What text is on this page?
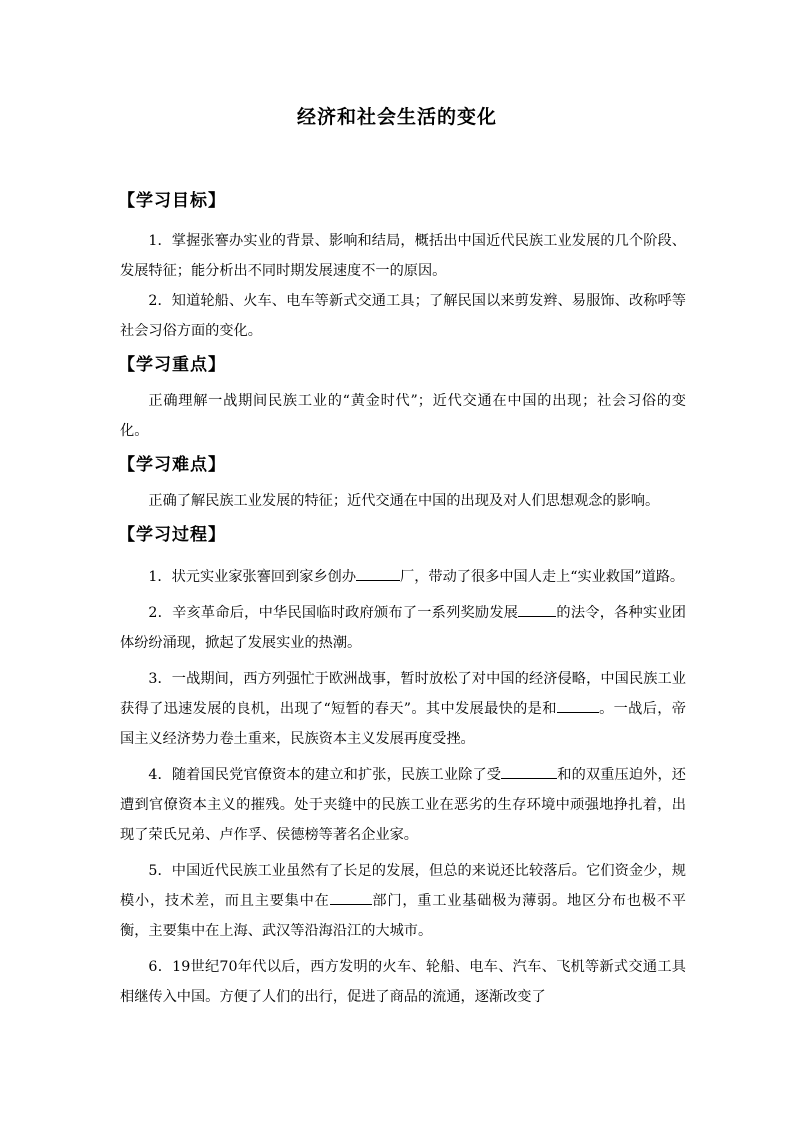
经济和社会生活的变化
【学习目标】

1．掌握张謇办实业的背景、影响和结局，概括出中国近代民族工业发展的几个阶段、发展特征；能分析出不同时期发展速度不一的原因。

2．知道轮船、火车、电车等新式交通工具；了解民国以来剪发辫、易服饰、改称呼等社会习俗方面的变化。

【学习重点】

正确理解一战期间民族工业的“黄金时代”；近代交通在中国的出现；社会习俗的变化。

【学习难点】

正确了解民族工业发展的特征；近代交通在中国的出现及对人们思想观念的影响。

【学习过程】

1．状元实业家张謇回到家乡创办	厂，带动了很多中国人走上“实业救国”道路。

2．辛亥革命后，中华民国临时政府颁布了一系列奖励发展	的法令，各种实业团体纷纷涌现，掀起了发展实业的热潮。

3．一战期间，西方列强忙于欧洲战事，暂时放松了对中国的经济侵略，中国民族工业获得了迅速发展的良机，出现了“短暂的春天”。其中发展最快的是和	。一战后，帝国主义经济势力卷土重来，民族资本主义发展再度受挫。

4．随着国民党官僚资本的建立和扩张，民族工业除了受	和的双重压迫外，还遭到官僚资本主义的摧残。处于夹缝中的民族工业在恶劣的生存环境中顽强地挣扎着，出现了荣氏兄弟、卢作孚、侯德榜等著名企业家。

5．中国近代民族工业虽然有了长足的发展，但总的来说还比较落后。它们资金少，规模小，技术差，而且主要集中在	部门，重工业基础极为薄弱。地区分布也极不平衡，主要集中在上海、武汉等沿海沿江的大城市。

6．19世纪70年代以后，西方发明的火车、轮船、电车、汽车、飞机等新式交通工具相继传入中国。方便了人们的出行，促进了商品的流通，逐渐改变了
